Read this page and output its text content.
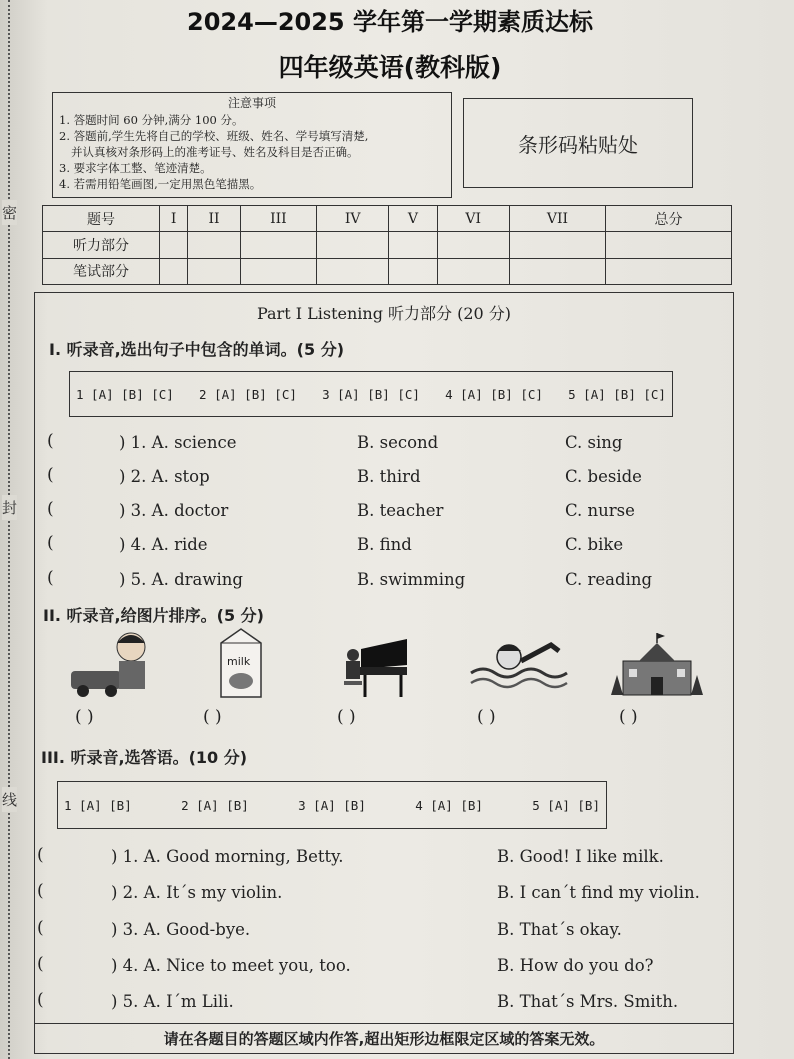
密
封
线
2024—2025 学年第一学期素质达标
四年级英语(教科版)
注意事项
1. 答题时间 60 分钟,满分 100 分。
2. 答题前,学生先将自己的学校、班级、姓名、学号填写清楚,
并认真核对条形码上的准考证号、姓名及科目是否正确。
3. 要求字体工整、笔迹清楚。
4. 若需用铅笔画图,一定用黑色笔描黑。
条形码粘贴处
题号	I	II	III	IV	V	VI	VII	总分
听力部分								
笔试部分								
Part I Listening 听力部分 (20 分)
I. 听录音,选出句子中包含的单词。(5 分)
1 [A] [B] [C] 2 [A] [B] [C] 3 [A] [B] [C] 4 [A] [B] [C] 5 [A] [B] [C]
(	) 1. A. science	B. second	C. sing
(	) 2. A. stop	B. third	C. beside
(	) 3. A. doctor	B. teacher	C. nurse
(	) 4. A. ride	B. find	C. bike
(	) 5. A. drawing	B. swimming	C. reading
II. 听录音,给图片排序。(5 分)
( )
milk
( )	( )	( )	( )
III. 听录音,选答语。(10 分)
1 [A] [B]	2 [A] [B]	3 [A] [B]	4 [A] [B]	5 [A] [B]
(	) 1. A. Good morning, Betty.	B. Good! I like milk.
(	) 2. A. It´s my violin.	B. I can´t find my violin.
(	) 3. A. Good-bye.	B. That´s okay.
(	) 4. A. Nice to meet you, too.	B. How do you do?
(	) 5. A. I´m Lili.	B. That´s Mrs. Smith.
请在各题目的答题区域内作答,超出矩形边框限定区域的答案无效。
